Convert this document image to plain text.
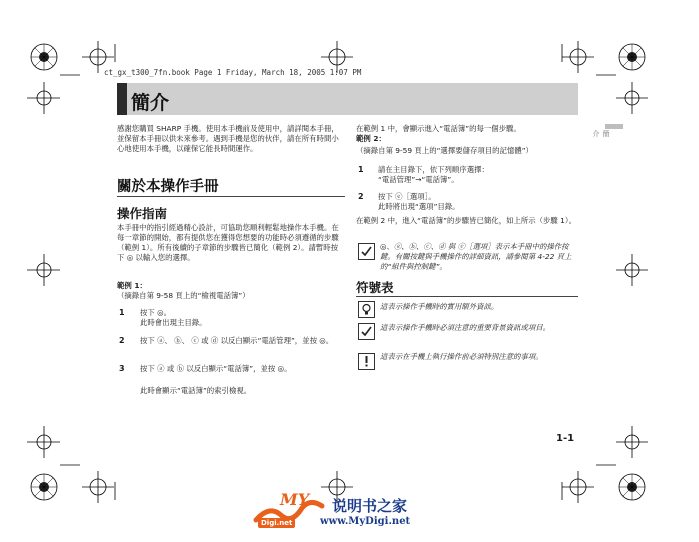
ct_gx_t300_7fn.book Page 1 Friday, March 18, 2005 1:07 PM
簡介
簡介
感謝您購買 SHARP 手機。使用本手機前及使用中，請詳閱本手冊，並保留本手冊以供未來參考。遇到手機是您的伙伴，請在所有時間小心地使用本手機，以確保它能長時間運作。
關於本操作手冊
操作指南
本手冊中的指引經過精心設計，可協助您順利輕鬆地操作本手機。在每一章節的開始，都有提供您在獲得您想要的功能時必須遵循的步驟（範例 1）。所有後續的子章節的步驟皆已簡化（範例 2）。請暫時按下 ◎ 以輸入您的選擇。
範例 1：
（摘錄自第 9-58 頁上的“檢視電話簿”）
1 按下 ◎。
此時會出現主目錄。
2 按下 ⓐ、 ⓑ、 ⓒ 或 ⓓ 以反白顯示“電話管理”，並按 ◎。
3 按下 ⓐ 或 ⓑ 以反白顯示“電話簿”，並按 ◎。
此時會顯示“電話簿”的索引檢視。
在範例 1 中，會顯示進入“電話簿”的每一個步驟。
範例 2：
（摘錄自第 9-59 頁上的“選擇要儲存項目的記憶體”）
1 請在主目錄下，依下列順序選擇：
“電話管理”→“電話簿”。
2 按下 ⓔ［選項］。
此時將出現“選項”目錄。
在範例 2 中，進入“電話簿”的步驟皆已簡化，如上所示（步驟 1）。
◎、ⓐ、ⓑ、ⓒ、ⓓ 與 ⓔ［選項］表示本手冊中的操作按鍵。有關按鍵與手機操作的詳細資訊，請參閱第 4-22 頁上的“組件與控制鍵”。
符號表
這表示操作手機時的實用額外資訊。
這表示操作手機時必須注意的重要背景資訊或項目。
這表示在手機上執行操作前必須特別注意的事項。
1-1
MY
Digi.net
说明书之家
www.MyDigi.net
